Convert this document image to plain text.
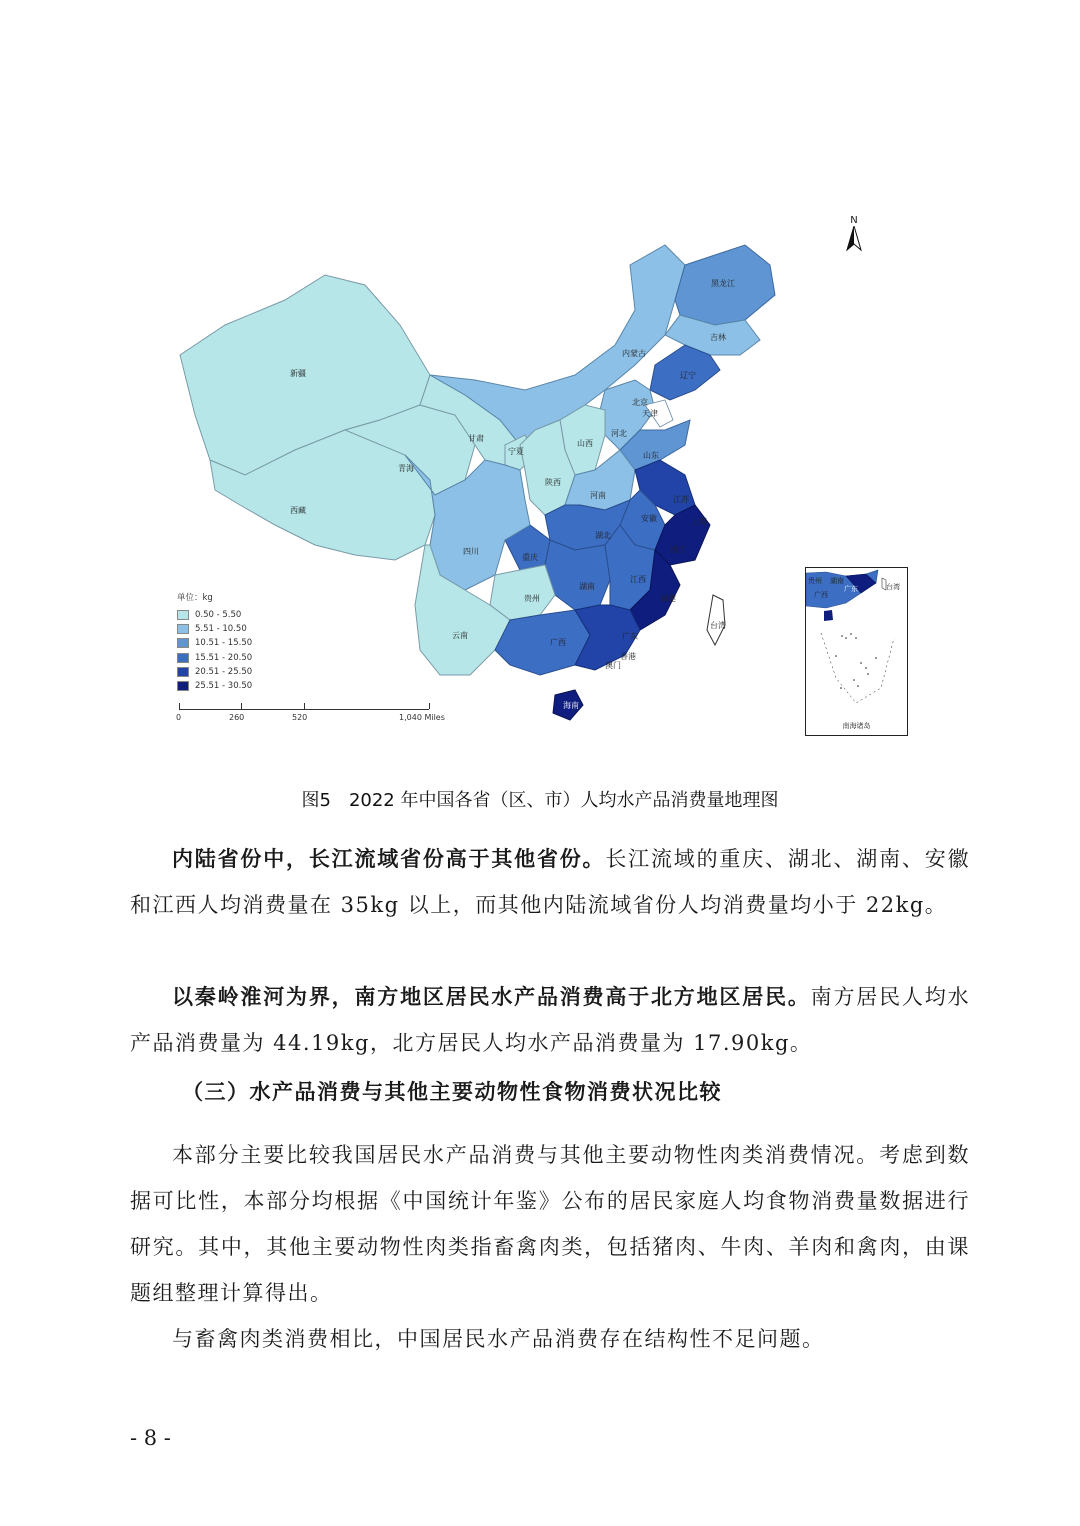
新疆
西藏
青海
甘肃
内蒙古
黑龙江
吉林
辽宁
北京
天津
河北
山西
宁夏
陕西
山东
河南	江苏
安徽	上海
湖北
重庆
四川	浙江
湖南
江西
贵州
云南
广西
广东
福建
台湾
海南
香港
澳门
N
单位：kg
0.50 - 5.50
5.51 - 10.50
10.51 - 15.50
15.51 - 20.50
20.51 - 25.50
25.51 - 30.50
0	260	520	1,040 Miles
贵州 湖南
广西
广东	台湾
南海诸岛
图5　2022 年中国各省（区、市）人均水产品消费量地理图

内陆省份中，长江流域省份高于其他省份。长江流域的重庆、湖北、湖南、安徽和江西人均消费量在 35kg 以上，而其他内陆流域省份人均消费量均小于 22kg。

以秦岭淮河为界，南方地区居民水产品消费高于北方地区居民。南方居民人均水产品消费量为 44.19kg，北方居民人均水产品消费量为 17.90kg。

（三）水产品消费与其他主要动物性食物消费状况比较

本部分主要比较我国居民水产品消费与其他主要动物性肉类消费情况。考虑到数据可比性，本部分均根据《中国统计年鉴》公布的居民家庭人均食物消费量数据进行研究。其中，其他主要动物性肉类指畜禽肉类，包括猪肉、牛肉、羊肉和禽肉，由课题组整理计算得出。

与畜禽肉类消费相比，中国居民水产品消费存在结构性不足问题。

- 8 -
